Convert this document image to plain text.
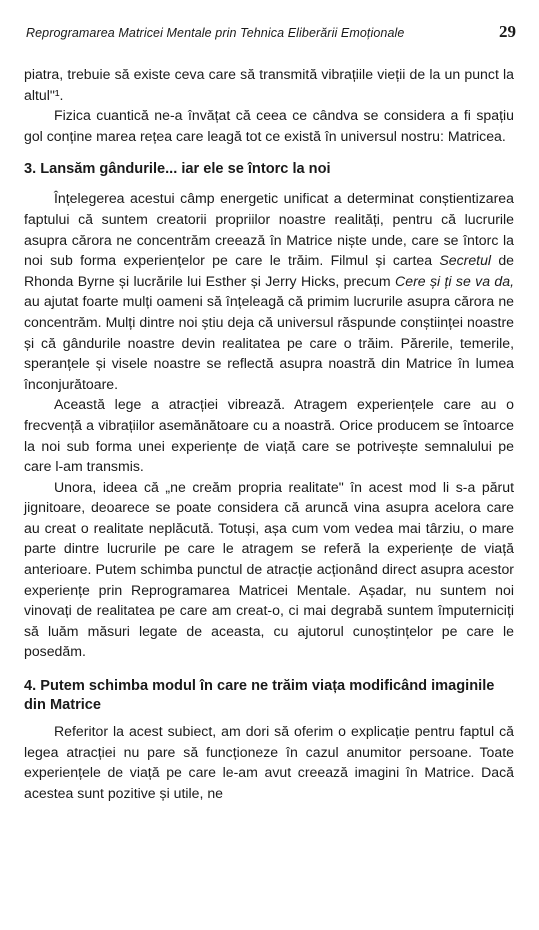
Reprogramarea Matricei Mentale prin Tehnica Eliberării Emoționale	29

piatra, trebuie să existe ceva care să transmită vibrațiile vieții de la un punct la altul"¹.

Fizica cuantică ne-a învățat că ceea ce cândva se considera a fi spațiu gol conține marea rețea care leagă tot ce există în universul nostru: Matricea.

3. Lansăm gândurile... iar ele se întorc la noi

Înțelegerea acestui câmp energetic unificat a determinat conștientizarea faptului că suntem creatorii propriilor noastre realități, pentru că lucrurile asupra cărora ne concentrăm creează în Matrice niște unde, care se întorc la noi sub forma experiențelor pe care le trăim. Filmul și cartea Secretul de Rhonda Byrne și lucrările lui Esther și Jerry Hicks, precum Cere și ți se va da, au ajutat foarte mulți oameni să înțeleagă că primim lucrurile asupra cărora ne concentrăm. Mulți dintre noi știu deja că universul răspunde conștiinței noastre și că gândurile noastre devin realitatea pe care o trăim. Părerile, temerile, speranțele și visele noastre se reflectă asupra noastră din Matrice în lumea înconjurătoare.

Această lege a atracției vibrează. Atragem experiențele care au o frecvență a vibrațiilor asemănătoare cu a noastră. Orice producem se întoarce la noi sub forma unei experiențe de viață care se potrivește semnalului pe care l-am transmis.

Unora, ideea că „ne creăm propria realitate" în acest mod li s-a părut jignitoare, deoarece se poate considera că aruncă vina asupra acelora care au creat o realitate neplăcută. Totuși, așa cum vom vedea mai târziu, o mare parte dintre lucrurile pe care le atragem se referă la experiențe de viață anterioare. Putem schimba punctul de atracție acționând direct asupra acestor experiențe prin Reprogramarea Matricei Mentale. Așadar, nu suntem noi vinovați de realitatea pe care am creat-o, ci mai degrabă suntem împuterniciți să luăm măsuri legate de aceasta, cu ajutorul cunoștințelor pe care le posedăm.

4. Putem schimba modul în care ne trăim viața modificând imaginile din Matrice

Referitor la acest subiect, am dori să oferim o explicație pentru faptul că legea atracției nu pare să funcționeze în cazul anumitor persoane. Toate experiențele de viață pe care le-am avut creează imagini în Matrice. Dacă acestea sunt pozitive și utile, ne
